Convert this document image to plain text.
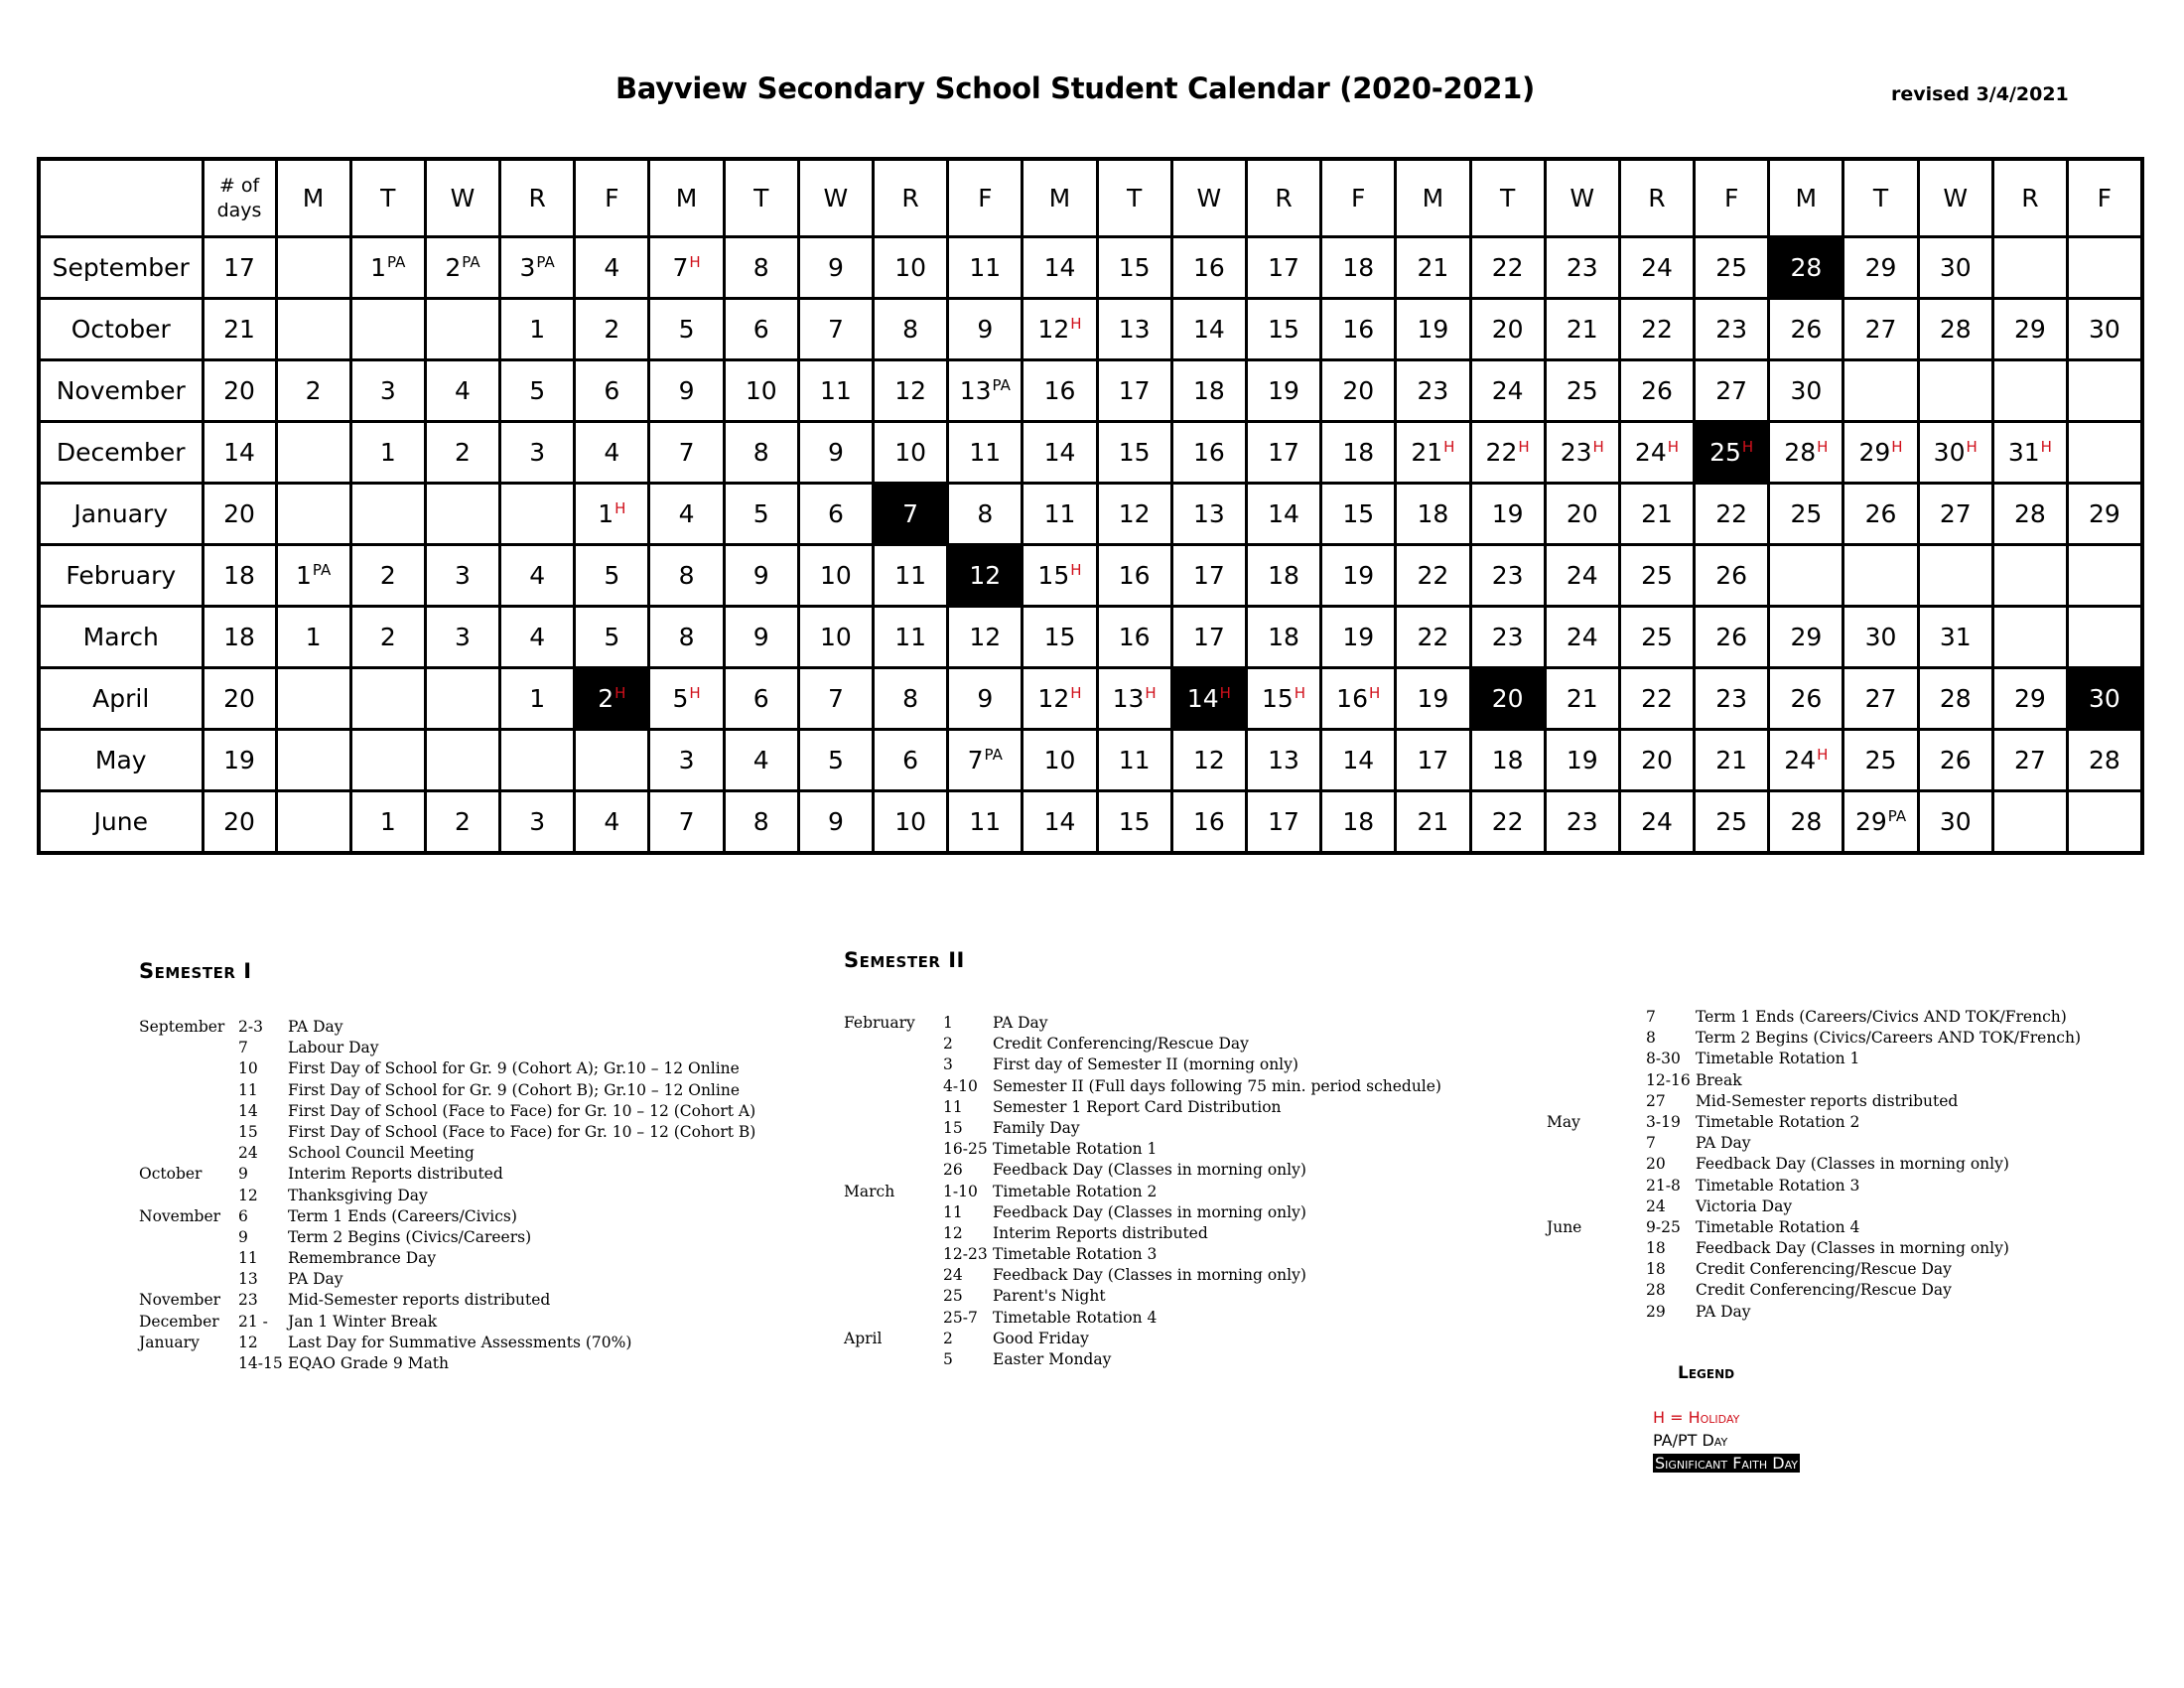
Bayview Secondary School Student Calendar (2020-2021)	revised 3/4/2021

	# of
days	M	T	W	R	F	M	T	W	R	F	M	T	W	R	F	M	T	W	R	F	M	T	W	R	F
September	17		$1^{PA}$	$2^{PA}$	$3^{PA}$	4	$7^H$	8	9	10	11	14	15	16	17	18	21	22	23	24	25	28	29	30		
October	21				1	2	5	6	7	8	9	$12^H$	13	14	15	16	19	20	21	22	23	26	27	28	29	30
November	20	2	3	4	5	6	9	10	11	12	$13^{PA}$	16	17	18	19	20	23	24	25	26	27	30				
December	14		1	2	3	4	7	8	9	10	11	14	15	16	17	18	$21^H$	$22^H$	$23^H$	$24^H$	$25^H$	$28^H$	$29^H$	$30^H$	$31^H$	
January	20					$1^H$	4	5	6	7	8	11	12	13	14	15	18	19	20	21	22	25	26	27	28	29
February	18	$1^{PA}$	2	3	4	5	8	9	10	11	12	$15^H$	16	17	18	19	22	23	24	25	26					
March	18	1	2	3	4	5	8	9	10	11	12	15	16	17	18	19	22	23	24	25	26	29	30	31		
April	20				1	$2^H$	$5^H$	6	7	8	9	$12^H$	$13^H$	$14^H$	$15^H$	$16^H$	19	20	21	22	23	26	27	28	29	30
May	19						3	4	5	6	$7^{PA}$	10	11	12	13	14	17	18	19	20	21	$24^H$	25	26	27	28
June	20		1	2	3	4	7	8	9	10	11	14	15	16	17	18	21	22	23	24	25	28	$29^{PA}$	30		
Semester I
September 2-3 PA Day
7	Labour Day
10 First Day of School for Gr. 9 (Cohort A); Gr.10 – 12 Online
11 First Day of School for Gr. 9 (Cohort B); Gr.10 – 12 Online
14 First Day of School (Face to Face) for Gr. 10 – 12 (Cohort A)
15 First Day of School (Face to Face) for Gr. 10 – 12 (Cohort B)
24 School Council Meeting
October 9	Interim Reports distributed
12 Thanksgiving Day
November 6	Term 1 Ends (Careers/Civics)
9	Term 2 Begins (Civics/Careers)
11 Remembrance Day
13 PA Day
November 23 Mid-Semester reports distributed
December 21 - Jan 1 Winter Break
January	12 Last Day for Summative Assessments (70%)
14-15 EQAO Grade 9 Math
Semester II
February 1	PA Day
2	Credit Conferencing/Rescue Day
3	First day of Semester II (morning only)
4-10 Semester II (Full days following 75 min. period schedule)
11 Semester 1 Report Card Distribution
15 Family Day
16-25 Timetable Rotation 1
26 Feedback Day (Classes in morning only)
March	1-10 Timetable Rotation 2
11 Feedback Day (Classes in morning only)
12 Interim Reports distributed
12-23 Timetable Rotation 3
24 Feedback Day (Classes in morning only)
25 Parent's Night
25-7 Timetable Rotation 4
April	2	Good Friday
5	Easter Monday
7	Term 1 Ends (Careers/Civics AND TOK/French)
8	Term 2 Begins (Civics/Careers AND TOK/French)
8-30 Timetable Rotation 1
12-16 Break
27 Mid-Semester reports distributed
May	3-19 Timetable Rotation 2
7	PA Day
20 Feedback Day (Classes in morning only)
21-8 Timetable Rotation 3
24 Victoria Day
June	9-25 Timetable Rotation 4
18 Feedback Day (Classes in morning only)
18 Credit Conferencing/Rescue Day
28 Credit Conferencing/Rescue Day
29 PA Day
Legend
H = Holiday
PA/PT Day
Significant Faith Day
